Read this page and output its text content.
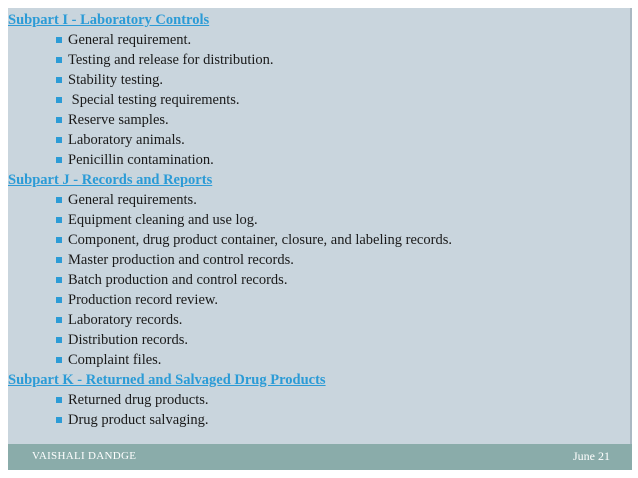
Subpart I - Laboratory Controls
General requirement.
Testing and release for distribution.
Stability testing.
Special testing requirements.
Reserve samples.
Laboratory animals.
Penicillin contamination.
Subpart J - Records and Reports
General requirements.
Equipment cleaning and use log.
Component, drug product container, closure, and labeling records.
Master production and control records.
Batch production and control records.
Production record review.
Laboratory records.
Distribution records.
Complaint files.
Subpart K - Returned and Salvaged Drug Products
Returned drug products.
Drug product salvaging.
VAISHALI DANDGE	June 21
